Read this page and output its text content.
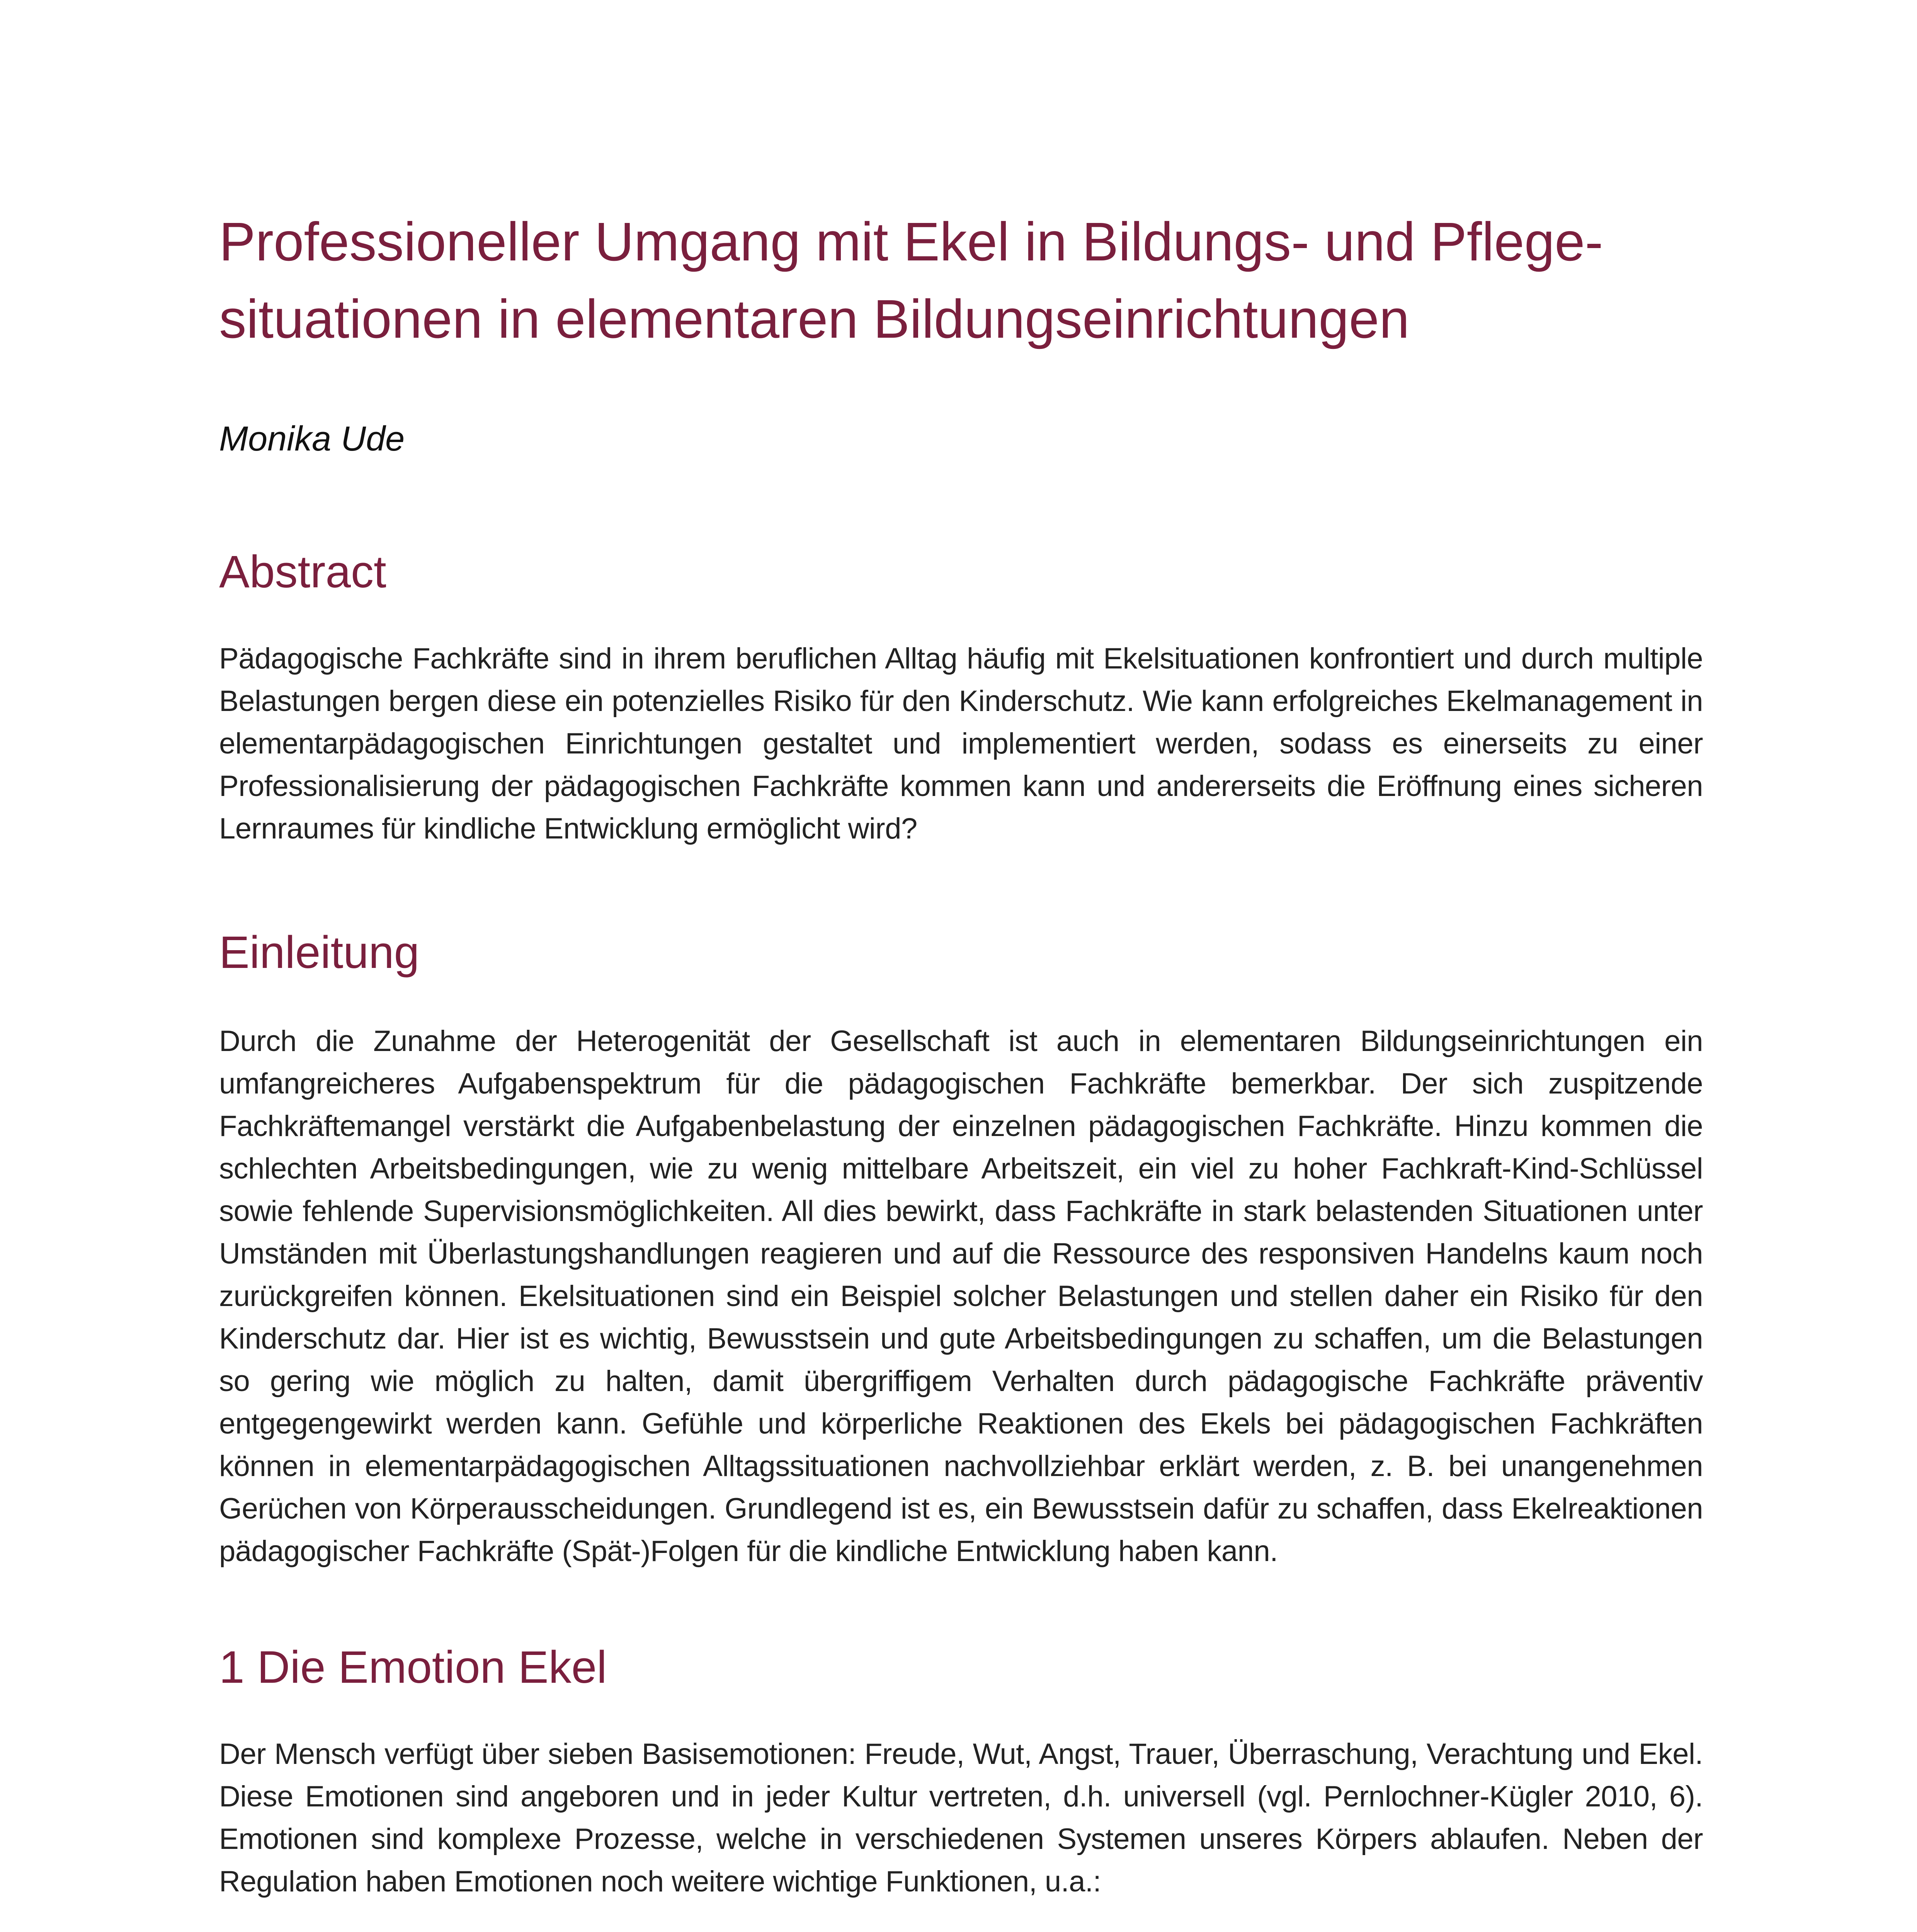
Professioneller Umgang mit Ekel in Bildungs- und Pflege-situationen in elementaren Bildungseinrichtungen

Monika Ude

Abstract

Pädagogische Fachkräfte sind in ihrem beruflichen Alltag häufig mit Ekelsituationen konfrontiert und durch multiple Belastungen bergen diese ein potenzielles Risiko für den Kinderschutz. Wie kann erfolgreiches Ekelmanagement in elementarpädagogischen Einrichtungen gestaltet und implementiert werden, sodass es einerseits zu einer Professionalisierung der pädagogischen Fachkräfte kommen kann und andererseits die Eröffnung eines sicheren Lernraumes für kindliche Entwicklung ermöglicht wird?

Einleitung

Durch die Zunahme der Heterogenität der Gesellschaft ist auch in elementaren Bildungseinrichtungen ein umfangreicheres Aufgabenspektrum für die pädagogischen Fachkräfte bemerkbar. Der sich zuspitzende Fachkräftemangel verstärkt die Aufgabenbelastung der einzelnen pädagogischen Fachkräfte. Hinzu kommen die schlechten Arbeitsbedingungen, wie zu wenig mittelbare Arbeitszeit, ein viel zu hoher Fachkraft-Kind-Schlüssel sowie fehlende Supervisionsmöglichkeiten. All dies bewirkt, dass Fachkräfte in stark belastenden Situationen unter Umständen mit Überlastungshandlungen reagieren und auf die Ressource des responsiven Handelns kaum noch zurückgreifen können. Ekelsituationen sind ein Beispiel solcher Belastungen und stellen daher ein Risiko für den Kinderschutz dar. Hier ist es wichtig, Bewusstsein und gute Arbeitsbedingungen zu schaffen, um die Belastungen so gering wie möglich zu halten, damit übergriffigem Verhalten durch pädagogische Fachkräfte präventiv entgegengewirkt werden kann. Gefühle und körperliche Reaktionen des Ekels bei pädagogischen Fachkräften können in elementarpädagogischen Alltagssituationen nachvollziehbar erklärt werden, z. B. bei unangenehmen Gerüchen von Körperausscheidungen. Grundlegend ist es, ein Bewusstsein dafür zu schaffen, dass Ekelreaktionen pädagogischer Fachkräfte (Spät-)Folgen für die kindliche Entwicklung haben kann.

1 Die Emotion Ekel

Der Mensch verfügt über sieben Basisemotionen: Freude, Wut, Angst, Trauer, Überraschung, Verachtung und Ekel. Diese Emotionen sind angeboren und in jeder Kultur vertreten, d.h. universell (vgl. Pernlochner-Kügler 2010, 6). Emotionen sind komplexe Prozesse, welche in verschiedenen Systemen unseres Körpers ablaufen. Neben der Regulation haben Emotionen noch weitere wichtige Funktionen, u.a.:
